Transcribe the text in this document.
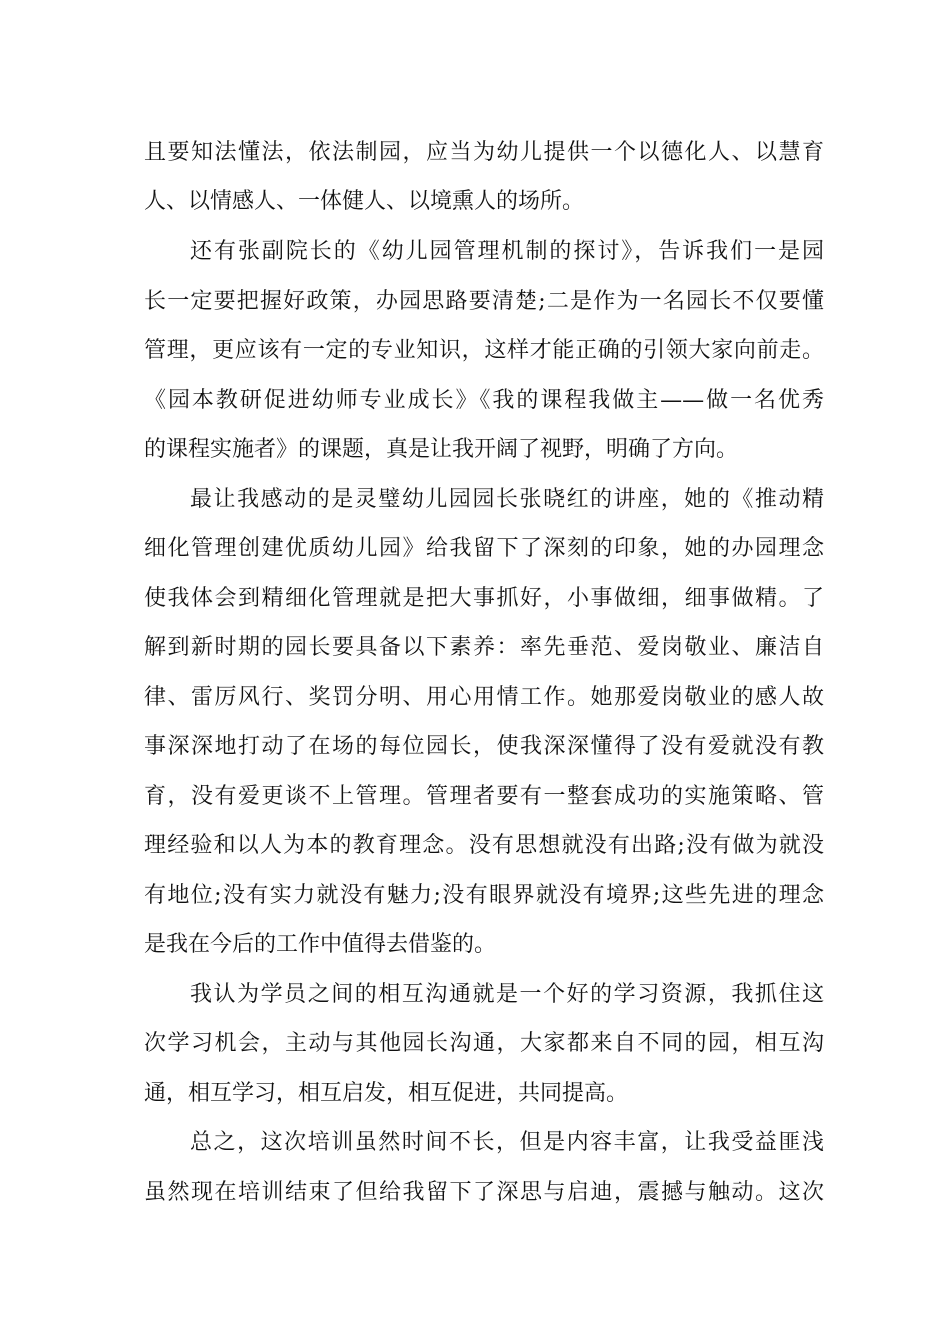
且要知法懂法，依法制园，应当为幼儿提供一个以德化人、以慧育
人、以情感人、一体健人、以境熏人的场所。
还有张副院长的《幼儿园管理机制的探讨》，告诉我们一是园
长一定要把握好政策，办园思路要清楚;二是作为一名园长不仅要懂
管理，更应该有一定的专业知识，这样才能正确的引领大家向前走。
《园本教研促进幼师专业成长》《我的课程我做主——做一名优秀
的课程实施者》的课题，真是让我开阔了视野，明确了方向。
最让我感动的是灵璧幼儿园园长张晓红的讲座，她的《推动精
细化管理创建优质幼儿园》给我留下了深刻的印象，她的办园理念
使我体会到精细化管理就是把大事抓好，小事做细，细事做精。了
解到新时期的园长要具备以下素养：率先垂范、爱岗敬业、廉洁自
律、雷厉风行、奖罚分明、用心用情工作。她那爱岗敬业的感人故
事深深地打动了在场的每位园长，使我深深懂得了没有爱就没有教
育，没有爱更谈不上管理。管理者要有一整套成功的实施策略、管
理经验和以人为本的教育理念。没有思想就没有出路;没有做为就没
有地位;没有实力就没有魅力;没有眼界就没有境界;这些先进的理念
是我在今后的工作中值得去借鉴的。
我认为学员之间的相互沟通就是一个好的学习资源，我抓住这
次学习机会，主动与其他园长沟通，大家都来自不同的园，相互沟
通，相互学习，相互启发，相互促进，共同提高。
总之，这次培训虽然时间不长，但是内容丰富，让我受益匪浅
虽然现在培训结束了但给我留下了深思与启迪，震撼与触动。这次
